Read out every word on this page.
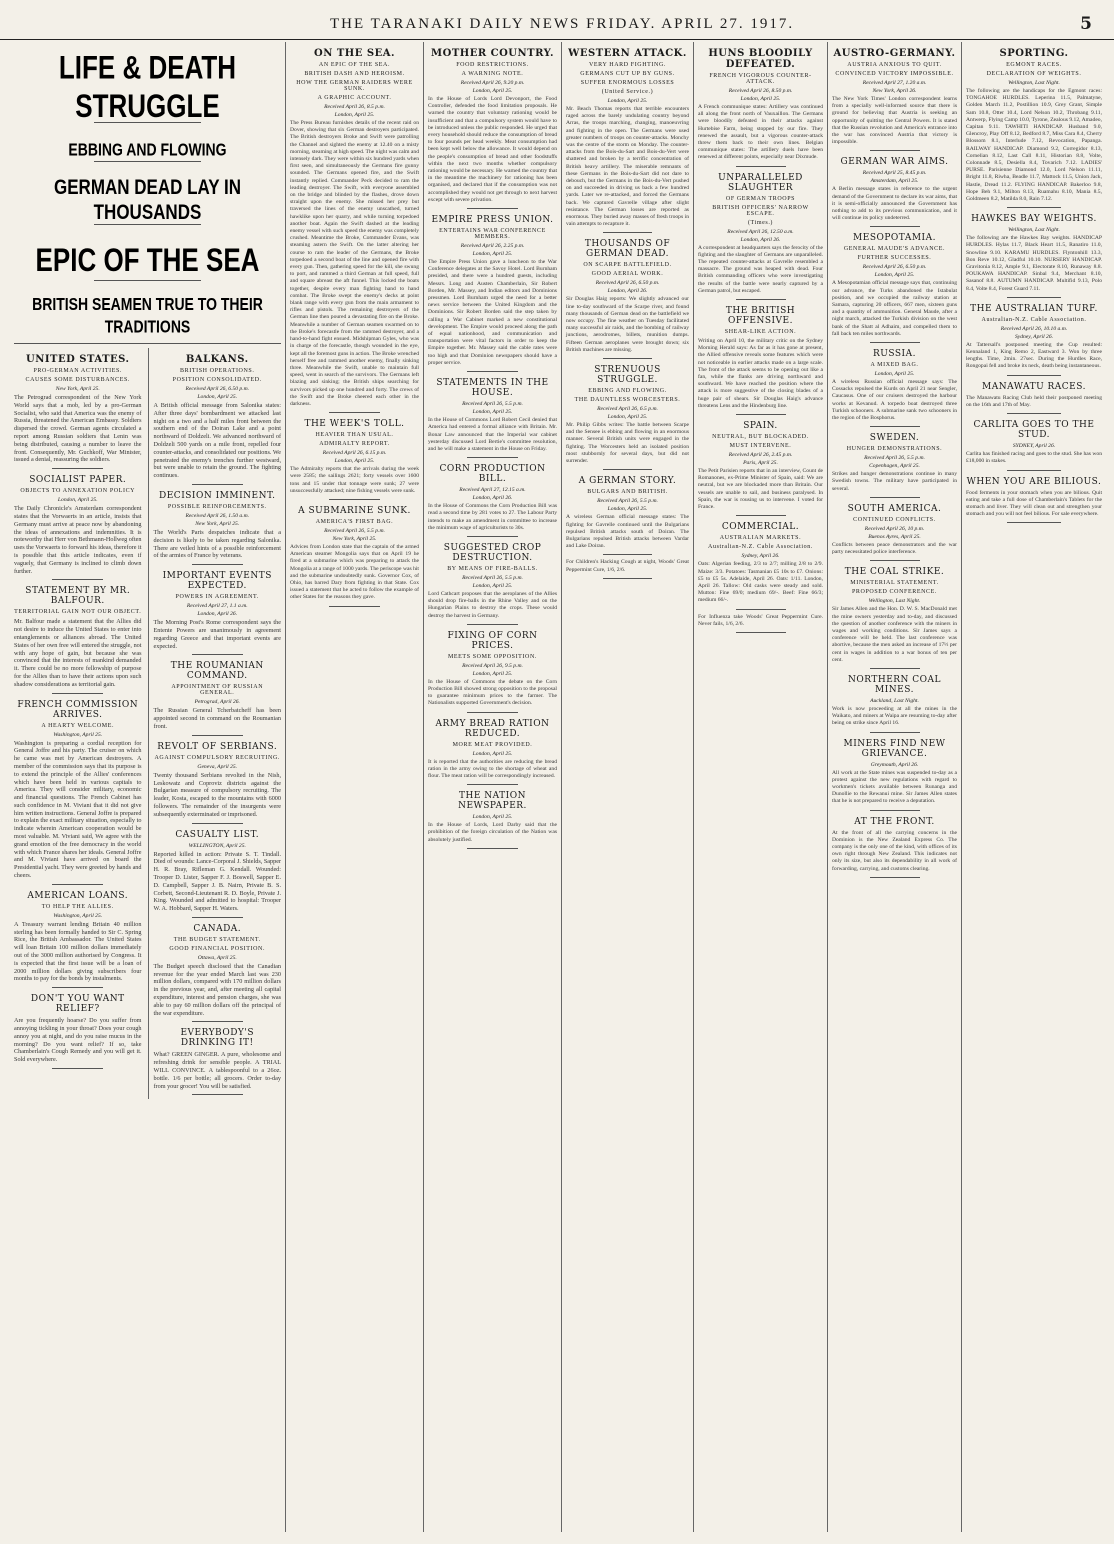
THE TARANAKI DAILY NEWS FRIDAY. APRIL 27. 1917.	5
LIFE & DEATH STRUGGLE
EBBING AND FLOWING
GERMAN DEAD LAY IN THOUSANDS
EPIC OF THE SEA
BRITISH SEAMEN TRUE TO THEIR TRADITIONS
UNITED STATES.
PRO-GERMAN ACTIVITIES.
CAUSES SOME DISTURBANCES.
New York, April 25.
The Petrograd correspondent of the New York World says that a mob, led by a pro-German Socialist, who said that America was the enemy of Russia, threatened the American Embassy. Soldiers dispersed the crowd. German agents circulated a report among Russian soldiers that Lenin was being distributed, causing a number to leave the front. Consequently, Mr. Guchkoff, War Minister, issued a denial, reassuring the soldiers.
SOCIALIST PAPER.
OBJECTS TO ANNEXATION POLICY
London, April 25.
The Daily Chronicle's Amsterdam correspondent states that the Vorwaerts in an article, insists that Germany must arrive at peace now by abandoning the ideas of annexations and indemnities. It is noteworthy that Herr von Bethmann-Hollweg often uses the Vorwaerts to forward his ideas, therefore it is possible that this article indicates, even if vaguely, that Germany is inclined to climb down further.
STATEMENT BY MR. BALFOUR.
TERRITORIAL GAIN NOT OUR OBJECT.
Mr. Balfour made a statement that the Allies did not desire to induce the United States to enter into entanglements or alliances abroad. The United States of her own free will entered the struggle, not with any hope of gain, but because she was convinced that the interests of mankind demanded it. There could be no more fellowship of purpose for the Allies than to have their actions upon such shadow considerations as territorial gain.
FRENCH COMMISSION ARRIVES.
A HEARTY WELCOME.
Washington, April 25.
Washington is preparing a cordial reception for General Joffre and his party. The cruiser on which he came was met by American destroyers. A member of the commission says that its purpose is to extend the principle of the Allies' conferences which have been held in various capitals to America. They will consider military, economic and financial questions. The French Cabinet has such confidence in M. Viviani that it did not give him written instructions. General Joffre is prepared to explain the exact military situation, especially to indicate wherein American cooperation would be most valuable. M. Viviani said, We agree with the grand emotion of the free democracy in the world with which France shares her ideals. General Joffre and M. Viviani have arrived on board the Presidential yacht. They were greeted by hands and cheers.
AMERICAN LOANS.
TO HELP THE ALLIES.
Washington, April 25.
A Treasury warrant lending Britain 40 million sterling has been formally handed to Sir C. Spring Rice, the British Ambassador. The United States will loan Britain 100 million dollars immediately out of the 3000 million authorised by Congress. It is expected that the first issue will be a loan of 2000 million dollars giving subscribers four months to pay for the bonds by instalments.
DON'T YOU WANT RELIEF?
Are you frequently hoarse? Do you suffer from annoying tickling in your throat? Does your cough annoy you at night, and do you raise mucus in the morning? Do you want relief? If so, take Chamberlain's Cough Remedy and you will get it. Sold everywhere.
BALKANS.
BRITISH OPERATIONS.
POSITION CONSOLIDATED.
Received April 26, 6.50 p.m.
London, April 25.
A British official message from Salonika states: After three days' bombardment we attacked last night on a two and a half miles front between the southern end of the Doiran Lake and a point northward of Doldzeli. We advanced northward of Doldzeli 500 yards on a mile front, repelled four counter-attacks, and consolidated our positions. We penetrated the enemy's trenches further westward, but were unable to retain the ground. The fighting continues.
DECISION IMMINENT.
POSSIBLE REINFORCEMENTS.
Received April 26, 1.50 a.m.
New York, April 25.
The World's Paris despatches indicate that a decision is likely to be taken regarding Salonika. There are veiled hints of a possible reinforcement of the armies of France by veterans.
IMPORTANT EVENTS EXPECTED.
POWERS IN AGREEMENT.
Received April 27, 1.1 a.m.
London, April 26.
The Morning Post's Rome correspondent says the Entente Powers are unanimously in agreement regarding Greece and that important events are expected.
THE ROUMANIAN COMMAND.
APPOINTMENT OF RUSSIAN GENERAL.
Petrograd, April 26.
The Russian General Tcherbatcheff has been appointed second in command on the Roumanian front.
REVOLT OF SERBIANS.
AGAINST COMPULSORY RECRUITING.
Geneva, April 25.
Twenty thousand Serbians revolted in the Nish, Leskowatz and Coproviz districts against the Bulgarian measure of compulsory recruiting. The leader, Kosta, escaped to the mountains with 6000 followers. The remainder of the insurgents were subsequently exterminated or imprisoned.
CASUALTY LIST.
WELLINGTON, April 25.
Reported killed in action: Private S. T. Tindall. Died of wounds: Lance-Corporal J. Shields, Sapper H. R. Bray, Rifleman G. Kendall. Wounded: Trooper D. Lister, Sapper F. J. Boswell, Sapper E. D. Campbell, Sapper J. B. Nairn, Private B. S. Corbett, Second-Lieutenant R. D. Boyle, Private J. King. Wounded and admitted to hospital: Trooper W. A. Hobbard, Sapper H. Waters.
CANADA.
THE BUDGET STATEMENT.
GOOD FINANCIAL POSITION.
Ottawa, April 25.
The Budget speech disclosed that the Canadian revenue for the year ended March last was 230 million dollars, compared with 170 million dollars in the previous year, and, after meeting all capital expenditure, interest and pension charges, she was able to pay 60 million dollars off the principal of the war expenditure.
EVERYBODY'S DRINKING IT!
What? GREEN GINGER. A pure, wholesome and refreshing drink for sensible people. A TRIAL WILL CONVINCE. A tablespoonful to a 26oz. bottle. 1/6 per bottle; all grocers. Order to-day from your grocer! You will be satisfied.
ON THE SEA.
AN EPIC OF THE SEA.
BRITISH DASH AND HEROISM.
HOW THE GERMAN RAIDERS WERE SUNK.
A GRAPHIC ACCOUNT.
Received April 26, 8.5 p.m.
London, April 25.
The Press Bureau furnishes details of the recent raid on Dover, showing that six German destroyers participated. The British destroyers Broke and Swift were patrolling the Channel and sighted the enemy at 12.40 on a misty morning, steaming at high speed. The night was calm and intensely dark. They were within six hundred yards when first seen, and simultaneously the Germans fire gunny sounded. The Germans opened fire, and the Swift instantly replied. Commander Peck decided to ram the leading destroyer. The Swift, with everyone assembled on the bridge and blinded by the flashes, drove down straight upon the enemy. She missed her prey but traversed the lines of the enemy unscathed, turned hawklike upon her quarry, and while turning torpedoed another boat. Again the Swift dashed at the leading enemy vessel with such speed the enemy was completely crushed. Meantime the Broke, Commander Evans, was steaming astern the Swift. On the latter altering her course to ram the leader of the Germans, the Broke torpedoed a second boat of the line and opened fire with every gun. Then, gathering speed for the kill, she swung to port, and rammed a third German at full speed, full and square abreast the aft funnel. This locked the boats together, despite every man fighting hand to hand combat. The Broke swept the enemy's decks at point blank range with every gun from the main armament to rifles and pistols. The remaining destroyers of the German line then poured a devastating fire on the Broke. Meanwhile a number of German seamen swarmed on to the Broke's forecastle from the rammed destroyer, and a hand-to-hand fight ensued. Midshipman Gyles, who was in charge of the forecastle, though wounded in the eye, kept all the foremost guns in action. The Broke wrenched herself free and rammed another enemy, finally sinking three. Meanwhile the Swift, unable to maintain full speed, went in search of the survivors. The Germans left blazing and sinking; the British ships searching for survivors picked up one hundred and forty. The crews of the Swift and the Broke cheered each other in the darkness.
THE WEEK'S TOLL.
HEAVIER THAN USUAL.
ADMIRALTY REPORT.
Received April 26, 6.15 p.m.
London, April 25.
The Admiralty reports that the arrivals during the week were 2585; the sailings 2621; forty vessels over 1600 tons and 15 under that tonnage were sunk; 27 were unsuccessfully attacked; nine fishing vessels were sunk.
A SUBMARINE SUNK.
AMERICA'S FIRST BAG.
Received April 26, 5.5 p.m.
New York, April 25.
Advices from London state that the captain of the armed American steamer Mongolia says that on April 19 he fired at a submarine which was preparing to attack the Mongolia at a range of 1000 yards. The periscope was hit and the submarine undoubtedly sunk. Governor Cox, of Ohio, has barred Dary from fighting in that State. Cox issued a statement that he acted to follow the example of other States for the reasons they gave.
MOTHER COUNTRY.
FOOD RESTRICTIONS.
A WARNING NOTE.
Received April 26, 9.20 p.m.
London, April 25.
In the House of Lords Lord Devonport, the Food Controller, defended the food limitation proposals. He warned the country that voluntary rationing would be insufficient and that a compulsory system would have to be introduced unless the public responded. He urged that every household should reduce the consumption of bread to four pounds per head weekly. Meat consumption had been kept well below the allowance. It would depend on the people's consumption of bread and other foodstuffs within the next two months whether compulsory rationing would be necessary. He warned the country that in the meantime the machinery for rationing has been organised, and declared that if the consumption was not accomplished they would not get through to next harvest except with severe privation.
EMPIRE PRESS UNION.
ENTERTAINS WAR CONFERENCE MEMBERS.
Received April 26, 2.25 p.m.
London, April 25.
The Empire Press Union gave a luncheon to the War Conference delegates at the Savoy Hotel. Lord Burnham presided, and there were a hundred guests, including Messrs. Long and Austen Chamberlain, Sir Robert Borden, Mr. Massey, and Indian editors and Dominions pressmen. Lord Burnham urged the need for a better news service between the United Kingdom and the Dominions. Sir Robert Borden said the step taken by calling a War Cabinet marked a new constitutional development. The Empire would proceed along the path of equal nationhood, and communication and transportation were vital factors in order to keep the Empire together. Mr. Massey said the cable rates were too high and that Dominion newspapers should have a proper service.
STATEMENTS IN THE HOUSE.
Received April 26, 5.5 p.m.
London, April 25.
In the House of Commons Lord Robert Cecil denied that America had entered a formal alliance with Britain. Mr. Bonar Law announced that the Imperial war cabinet yesterday discussed Lord Bertie's committee resolution, and he will make a statement in the House on Friday.
CORN PRODUCTION BILL.
Received April 27, 12.15 a.m.
London, April 26.
In the House of Commons the Corn Production Bill was read a second time by 281 votes to 27. The Labour Party intends to make an amendment in committee to increase the minimum wage of agriculturists to 30s.
SUGGESTED CROP DESTRUCTION.
BY MEANS OF FIRE-BALLS.
Received April 26, 5.5 p.m.
London, April 25.
Lord Cathcart proposes that the aeroplanes of the Allies should drop fire-balls in the Rhine Valley and on the Hungarian Plains to destroy the crops. These would destroy the harvest in Germany.
FIXING OF CORN PRICES.
MEETS SOME OPPOSITION.
Received April 26, 9.5 p.m.
London, April 25.
In the House of Commons the debate on the Corn Production Bill showed strong opposition to the proposal to guarantee minimum prices to the farmer. The Nationalists supported Government's decision.
ARMY BREAD RATION REDUCED.
MORE MEAT PROVIDED.
London, April 25.
It is reported that the authorities are reducing the bread ration in the army owing to the shortage of wheat and flour. The meat ration will be correspondingly increased.
THE NATION NEWSPAPER.
London, April 25.
In the House of Lords, Lord Darby said that the prohibition of the foreign circulation of the Nation was absolutely justified.
WESTERN ATTACK.
VERY HARD FIGHTING.
GERMANS CUT UP BY GUNS.
SUFFER ENORMOUS LOSSES
(United Service.)
London, April 25.
Mr. Beach Thomas reports that terrible encounters raged across the barely undulating country beyond Arras, the troops marching, changing, manoeuvring and fighting in the open. The Germans were used greater numbers of troops on counter-attacks. Monchy was the centre of the storm on Monday. The counter-attacks from the Bois-du-Sart and Bois-du-Vert were shattered and broken by a terrific concentration of British heavy artillery. The miserable remnants of these Germans in the Bois-du-Sart did not dare to debouch, but the Germans in the Bois-du-Vert pushed on and succeeded in driving us back a few hundred yards. Later we re-attacked, and forced the Germans back. We captured Gavrelle village after slight resistance. The German losses are reported as enormous. They buried away masses of fresh troops in vain attempts to recapture it.
THOUSANDS OF GERMAN DEAD.
ON SCARPE BATTLEFIELD.
GOOD AERIAL WORK.
Received April 26, 6.50 p.m.
London, April 26.
Sir Douglas Haig reports: We slightly advanced our line to-day southward of the Scarpe river, and found many thousands of German dead on the battlefield we now occupy. The fine weather on Tuesday facilitated many successful air raids, and the bombing of railway junctions, aerodromes, billets, munition dumps. Fifteen German aeroplanes were brought down; six British machines are missing.
STRENUOUS STRUGGLE.
EBBING AND FLOWING.
THE DAUNTLESS WORCESTERS.
Received April 26, 6.5 p.m.
London, April 25.
Mr. Philip Gibbs writes: The battle between Scarpe and the Sensee is ebbing and flowing in an enormous manner. Several British units were engaged in the fighting. The Worcesters held an isolated position most stubbornly for several days, but did not surrender.
A GERMAN STORY.
BULGARS AND BRITISH.
Received April 26, 5.5 p.m.
London, April 25.
A wireless German official message states: The fighting for Gavrelle continued until the Bulgarians repulsed British attacks south of Doiran. The Bulgarians repulsed British attacks between Vardar and Lake Doiran.
For Children's Hacking Cough at night, Woods' Great Peppermint Cure, 1/6, 2/6.
HUNS BLOODILY DEFEATED.
FRENCH VIGOROUS COUNTER-ATTACK.
Received April 26, 8.50 p.m.
London, April 25.
A French communique states: Artillery was continued all along the front north of Vauxaillon. The Germans were bloodily defeated in their attacks against Hurtebise Farm, being stopped by our fire. They renewed the assault, but a vigorous counter-attack threw them back to their own lines. Belgian communique states: The artillery duels have been renewed at different points, especially near Dixmude.
UNPARALLELED SLAUGHTER
OF GERMAN TROOPS
BRITISH OFFICERS' NARROW ESCAPE.
(Times.)
Received April 26, 12.50 a.m.
London, April 26.
A correspondent at headquarters says the ferocity of the fighting and the slaughter of Germans are unparalleled. The repeated counter-attacks at Gavrelle resembled a massacre. The ground was heaped with dead. Four British commanding officers who were investigating the results of the battle were nearly captured by a German patrol, but escaped.
THE BRITISH OFFENSIVE.
SHEAR-LIKE ACTION.
Writing on April 10, the military critic on the Sydney Morning Herald says: As far as it has gone at present, the Allied offensive reveals some features which were not noticeable in earlier attacks made on a large scale. The front of the attack seems to be opening out like a fan, while the flanks are driving northward and southward. We have reached the position where the attack is more suggestive of the closing blades of a huge pair of shears. Sir Douglas Haig's advance threatens Lens and the Hindenburg line.
SPAIN.
NEUTRAL, BUT BLOCKADED.
MUST INTERVENE.
Received April 26, 2.45 p.m.
Paris, April 25.
The Petit Parisien reports that in an interview, Count de Romanones, ex-Prime Minister of Spain, said: We are neutral, but we are blockaded more than Britain. Our vessels are unable to sail, and business paralysed. In Spain, the war is rousing us to intervene. I voted for France.
COMMERCIAL.
AUSTRALIAN MARKETS.
Australian-N.Z. Cable Association.
Sydney, April 26.
Oats: Algerian feeding, 2/3 to 2/7; milling 2/8 to 2/9. Maize: 3/3. Potatoes: Tasmanian £5 10s to £7. Onions: £5 to £5 5s. Adelaide, April 26. Oats: 1/11. London, April 26. Tallow: Old casks were steady and sold. Mutton: Fine 69/0; medium 69/-. Beef: Fine 66/3; medium 66/-.
For Influenza take Woods' Great Peppermint Cure. Never fails, 1/6, 2/6.
AUSTRO-GERMANY.
AUSTRIA ANXIOUS TO QUIT.
CONVINCED VICTORY IMPOSSIBLE.
Received April 27, 1.20 a.m.
New York, April 26.
The New York Times' London correspondent learns from a specially well-informed source that there is ground for believing that Austria is seeking an opportunity of quitting the Central Powers. It is stated that the Russian revolution and America's entrance into the war has convinced Austria that victory is impossible.
GERMAN WAR AIMS.
Received April 25, 8.45 p.m.
Amsterdam, April 25.
A Berlin message states in reference to the urgent demand of the Government to declare its war aims, that it is semi-officially announced the Government has nothing to add to its previous communication, and it will continue its policy undeterred.
MESOPOTAMIA.
GENERAL MAUDE'S ADVANCE.
FURTHER SUCCESSES.
Received April 26, 6.50 p.m.
London, April 25.
A Mesopotamian official message says that, continuing our advance, the Turks abandoned the Istabulat position, and we occupied the railway station at Samara, capturing 20 officers, 667 men, sixteen guns and a quantity of ammunition. General Maude, after a night march, attacked the Turkish division on the west bank of the Shatt al Adhaim, and compelled them to fall back ten miles northwards.
RUSSIA.
A MIXED BAG.
London, April 25.
A wireless Russian official message says: The Cossacks repulsed the Kurds on April 21 near Sengler, Caucasus. One of our cruisers destroyed the harbour works at Kevanud. A torpedo boat destroyed three Turkish schooners. A submarine sank two schooners in the region of the Bosphorus.
SWEDEN.
HUNGER DEMONSTRATIONS.
Received April 26, 5.5 p.m.
Copenhagen, April 25.
Strikes and hunger demonstrations continue in many Swedish towns. The military have participated in several.
SOUTH AMERICA.
CONTINUED CONFLICTS.
Received April 26, 10 p.m.
Buenos Ayres, April 25.
Conflicts between peace demonstrators and the war party necessitated police interference.
THE COAL STRIKE.
MINISTERIAL STATEMENT.
PROPOSED CONFERENCE.
Wellington, Last Night.
Sir James Allen and the Hon. D. W. S. MacDonald met the mine owners yesterday and to-day, and discussed the question of another conference with the miners in wages and working conditions. Sir James says a conference will be held. The last conference was abortive, because the men asked an increase of 17½ per cent in wages in addition to a war bonus of ten per cent.
NORTHERN COAL MINES.
Auckland, Last Night.
Work is now proceeding at all the mines in the Waikato, and miners at Waipa are resuming to-day after being on strike since April 16.
MINERS FIND NEW GRIEVANCE.
Greymouth, April 26.
All work at the State mines was suspended to-day as a protest against the new regulations with regard to workmen's tickets available between Runanga and Dunollie to the Rewanui mine. Sir James Allen states that he is not prepared to receive a deputation.
AT THE FRONT.
At the front of all the carrying concerns in the Dominion is the New Zealand Express Co. The company is the only one of the kind, with offices of its own right through New Zealand. This indicates not only its size, but also its dependability in all work of forwarding, carrying, and customs clearing.
SPORTING.
EGMONT RACES.
DECLARATION OF WEIGHTS.
Wellington, Last Night.
The following are the handicaps for the Egmont races: TONGAHOE HURDLES. Leperina 11.5, Palmatyne, Golden March 11.2, Postillion 10.9, Grey Grant, Simple Sam 10.8, Otter 10.4, Lord Nelson 10.2, Throbang 9.11, Antwerp, Flying Camp 10.0, Tyrone, Zealous 9.12, Amadeo, Capitan 9.11. TAWHITI HANDICAP. Husband 9.0, Glencroy, Play Off 8.12, Bedford 8.7, Miss Cara 8.4, Cherry Blossom 8.1, Interlude 7.12, Revocation, Papanga. RAILWAY HANDICAP. Diamond 9.2, Corregidor 8.13, Cornelian 8.12, Last Call 8.11, Historian 8.8, Volte, Colonnade 8.5, Desiella 8.4, Tovarich 7.12. LADIES' PURSE. Parisienne Diamond 12.0, Lord Nelson 11.11, Bright 11.8, Riwha, Beadle 11.7, Mattock 11.5, Union Jack, Hastie, Dread 11.2. FLYING HANDICAP. Bakerloo 9.8, Hope Beh 9.1, Milton 8.13, Ruamahu 8.10, Mania 8.5, Goldmeen 8.2, Matilda 8.0, Rain 7.12.
HAWKES BAY WEIGHTS.
Wellington, Last Night.
The following are the Hawkes Bay weights. HANDICAP HURDLES. Hylas 11.7, Black Heart 11.5, Ranatiro 11.0, Snowline 9.10. KARAMU HURDLES. Flyntonhill 13.3, Bon Reve 10.12, Gladful 10.10. NURSERY HANDICAP. Gravitonia 8.12, Ample 9.1, Electorate 8.10, Runaway 8.8. POUKAWA HANDICAP. Sinbal 9.4, Merchant 8.10, Sasanof 8.8. AUTUMN HANDICAP. Multifid 9.13, Polo 8.4, Volte 8.4, Forest Guard 7.11.
THE AUSTRALIAN TURF.
Australian-N.Z. Cable Association.
Received April 26, 10.10 a.m.
Sydney, April 26.
At Tattersall's postponed meeting the Cup resulted: Kennaland 1, King Remo 2, Eastward 3. Won by three lengths. Time, 2min. 27sec. During the Hurdles Race, Rongopai fell and broke its neck, death being instantaneous.
MANAWATU RACES.
The Manawatu Racing Club held their postponed meeting on the 16th and 17th of May.
CARLITA GOES TO THE STUD.
SYDNEY, April 26.
Carlita has finished racing and goes to the stud. She has won £18,000 in stakes.
WHEN YOU ARE BILIOUS.
Food ferments in your stomach when you are bilious. Quit eating and take a full dose of Chamberlain's Tablets for the stomach and liver. They will clean out and strengthen your stomach and you will not feel bilious. For sale everywhere.
